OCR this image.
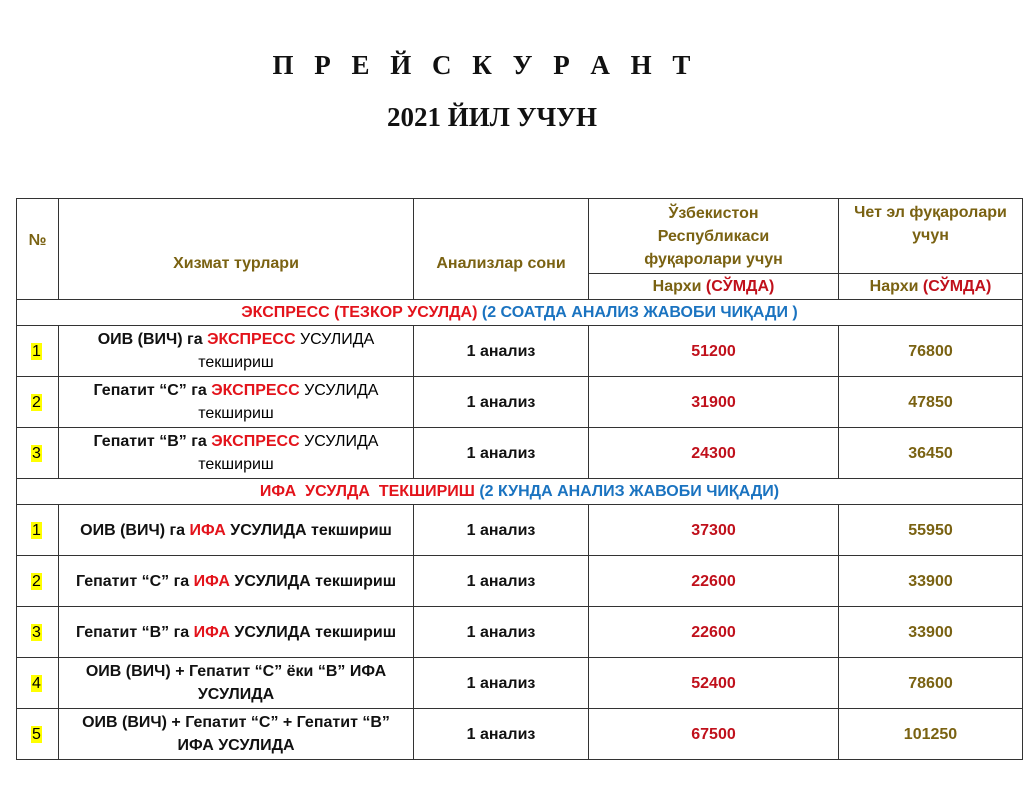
П Р Е Й С К У Р А Н Т
2021 ЙИЛ УЧУН
№	Хизмат турлари	Анализлар сони	Ўзбекистон Республикаси фуқаролари учун	Чет эл фуқаролари учун
			Нархи (СЎМДА)	Нархи (СЎМДА)
ЭКСПРЕСС (ТЕЗКОР УСУЛДА) (2 СОАТДА АНАЛИЗ ЖАВОБИ ЧИҚАДИ )				
1	ОИВ (ВИЧ) га ЭКСПРЕСС УСУЛИДА текшириш	1 анализ	51200	76800
2	Гепатит “С” га ЭКСПРЕСС УСУЛИДА текшириш	1 анализ	31900	47850
3	Гепатит “В” га ЭКСПРЕСС УСУЛИДА текшириш	1 анализ	24300	36450
ИФА  УСУЛДА  ТЕКШИРИШ (2 КУНДА АНАЛИЗ ЖАВОБИ ЧИҚАДИ)				
1	ОИВ (ВИЧ) га ИФА УСУЛИДА текшириш	1 анализ	37300	55950
2	Гепатит “С” га ИФА УСУЛИДА текшириш	1 анализ	22600	33900
3	Гепатит “В” га ИФА УСУЛИДА текшириш	1 анализ	22600	33900
4	ОИВ (ВИЧ) + Гепатит “С” ёки “В” ИФА УСУЛИДА	1 анализ	52400	78600
5	ОИВ (ВИЧ) + Гепатит “С” + Гепатит “В” ИФА УСУЛИДА	1 анализ	67500	101250
